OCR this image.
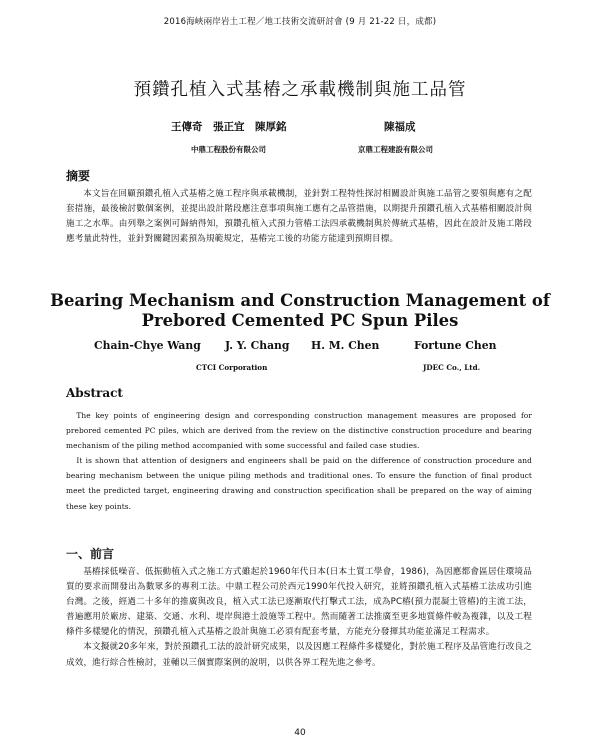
2016海峽兩岸岩土工程／地工技術交流研討會 (9 月 21-22 日，成都)
預鑽孔植入式基樁之承載機制與施工品管
王傳奇　張正宜　陳厚銘	陳福成
中鼎工程股份有限公司	京鼎工程建設有限公司
摘要

本文旨在回顧預鑽孔植入式基樁之施工程序與承載機制，並針對工程特性探討相關設計與施工品管之要領與應有之配套措施，最後檢討數個案例，並提出設計階段應注意事項與施工應有之品管措施，以期提升預鑽孔植入式基樁相關設計與施工之水準。由列舉之案例可歸納得知，預鑽孔植入式預力管樁工法四承載機制與於傳統式基樁，因此在設計及施工階段應考量此特性，並針對關鍵因素預為規範規定，基樁完工後的功能方能達到預期目標。

Bearing Mechanism and Construction Management of
Prebored Cemented PC Spun Piles
Chain-Chye Wang J. Y. Chang H. M. Chen	Fortune Chen
CTCI Corporation	JDEC Co., Ltd.
Abstract

The key points of engineering design and corresponding construction management measures are proposed for prebored cemented PC piles, which are derived from the review on the distinctive construction procedure and bearing mechanism of the piling method accompanied with some successful and failed case studies.

It is shown that attention of designers and engineers shall be paid on the difference of construction procedure and bearing mechanism between the unique piling methods and traditional ones. To ensure the function of final product meet the predicted target, engineering drawing and construction specification shall be prepared on the way of aiming these key points.

一、前言

基樁採低噪音、低振動植入式之施工方式雖起於1960年代日本(日本土質工學會，1986)，為因應都會區居住環境品質的要求而開發出為數眾多的專利工法。中鼎工程公司於西元1990年代投入研究，並將預鑽孔植入式基樁工法成功引進台灣。之後，經過二十多年的推廣與改良，植入式工法已逐漸取代打擊式工法，成為PC樁(預力混凝土管樁)的主流工法，普遍應用於廠房、建築、交通、水利、堤岸與港土設施等工程中。然而隨著工法推廣至更多地質條件較為複雜，以及工程條件多樣變化的情況，預鑽孔植入式基樁之設計與施工必須有配套考量，方能充分發揮其功能並滿足工程需求。

本文擬就20多年來，對於預鑽孔工法的設計研究成果，以及因應工程條件多樣變化，對於施工程序及品管進行改良之成效，進行綜合性檢討，並輔以三個實際案例的說明，以供各界工程先進之參考。

40
